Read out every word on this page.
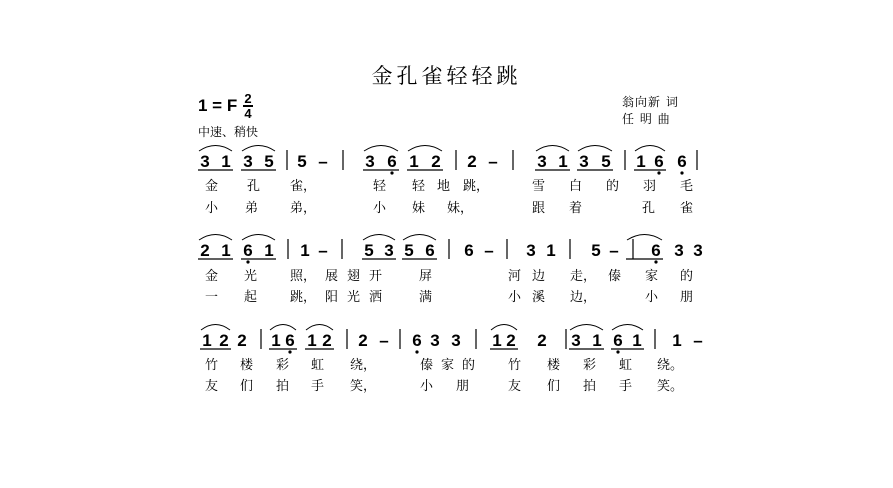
金孔雀轻轻跳
1 = F 2
4
中速、稍快
翁向新 词
任 明 曲
3 1 3 5 5 – 3 6 1 2 2 – 3 1 3 5 1 6 6
金 孔 雀，	轻 轻 地 跳，	雪 白 的 羽 毛
小 弟 弟，	小 妹 妹，	跟 着	孔 雀
2 1 6 1 1 – 5 3 5 6 6 – 3 1 5 – 6 3 3
金 光	照， 展 翅 开	屏	河 边 走， 傣 家 的
一 起	跳， 阳 光 洒	满	小 溪 边，	小 朋
1 2 2 1 6 1 2 2 – 6 3 3 1 2 2 3 1 6 1 1 –
竹 楼 彩 虹 绕，	傣 家 的	竹 楼 彩 虹 绕。
友 们 拍 手 笑，	小 朋	友 们 拍 手 笑。
